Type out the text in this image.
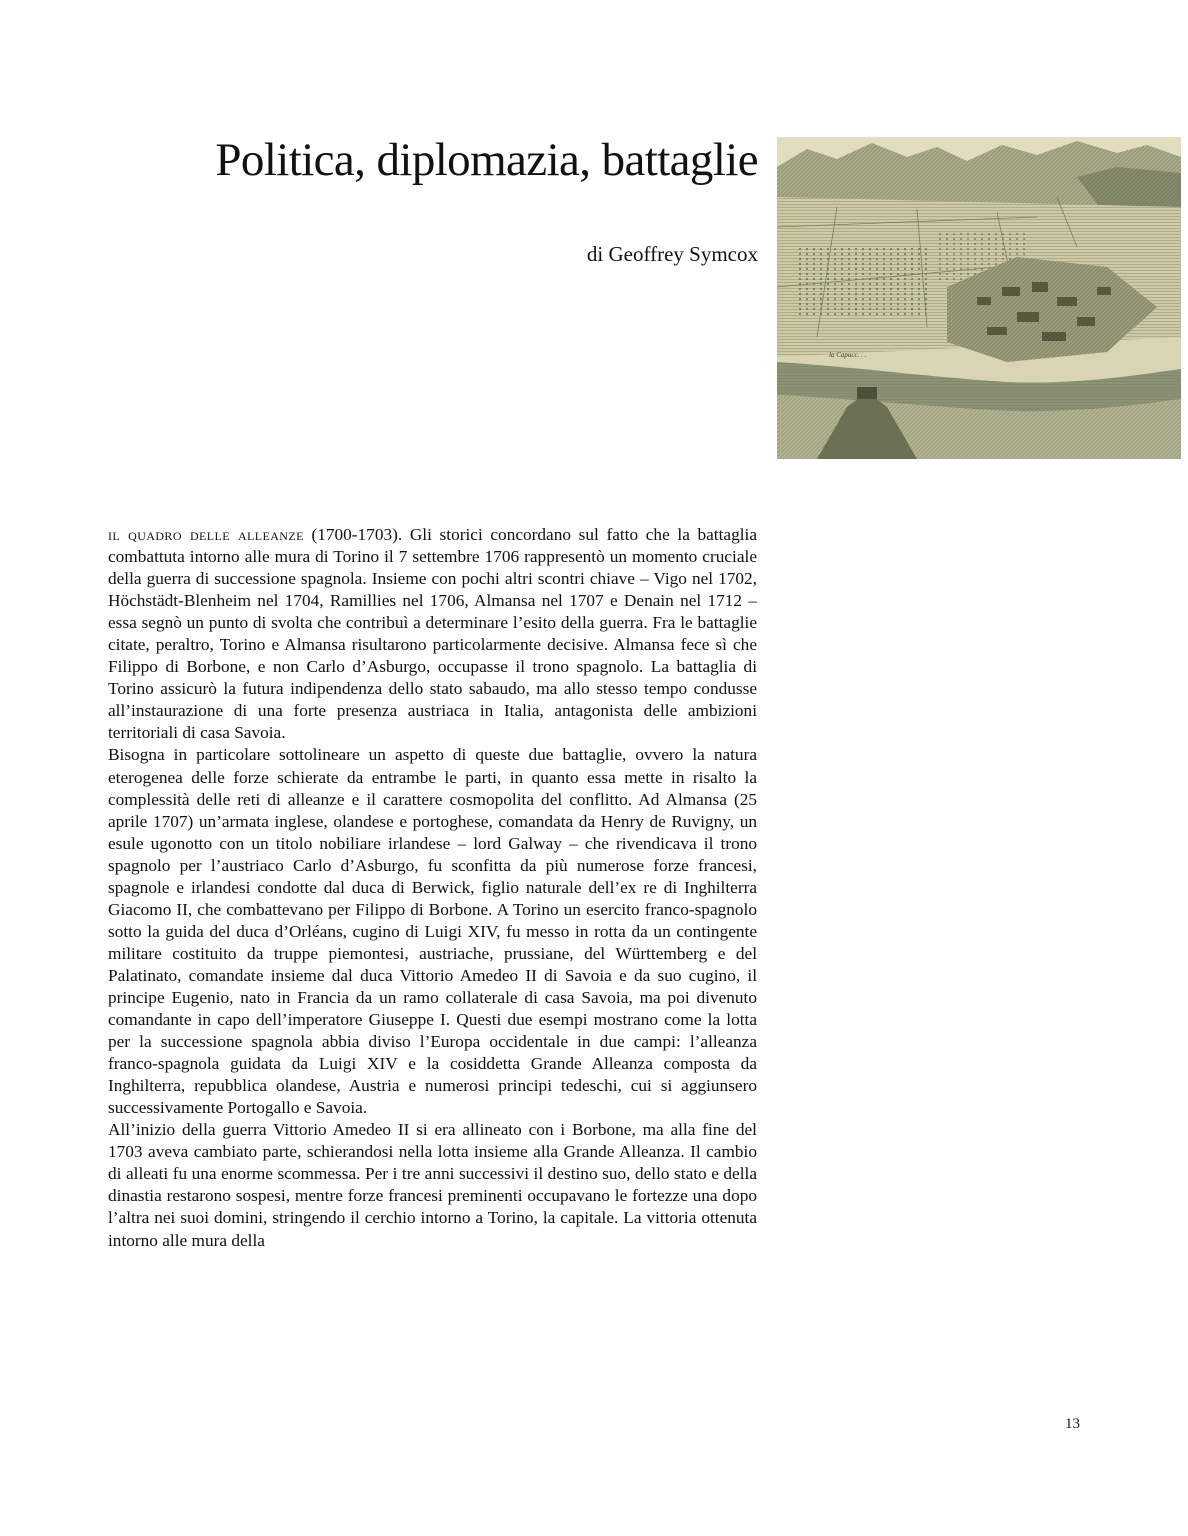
Politica, diplomazia, battaglie
di Geoffrey Symcox
la Capucc. . .

il quadro delle alleanze (1700-1703). Gli storici concordano sul fatto che la battaglia combattuta intorno alle mura di Torino il 7 settembre 1706 rappresentò un momento cruciale della guerra di successione spagnola. Insieme con pochi altri scontri chiave – Vigo nel 1702, Höchstädt-Blenheim nel 1704, Ramillies nel 1706, Almansa nel 1707 e Denain nel 1712 – essa segnò un punto di svolta che contribuì a determinare l’esito della guerra. Fra le battaglie citate, peraltro, Torino e Almansa risultarono particolarmente decisive. Almansa fece sì che Filippo di Borbone, e non Carlo d’Asburgo, occupasse il trono spagnolo. La battaglia di Torino assicurò la futura indipendenza dello stato sabaudo, ma allo stesso tempo condusse all’instaurazione di una forte presenza austriaca in Italia, antagonista delle ambizioni territoriali di casa Savoia.

Bisogna in particolare sottolineare un aspetto di queste due battaglie, ovvero la natura eterogenea delle forze schierate da entrambe le parti, in quanto essa mette in risalto la complessità delle reti di alleanze e il carattere cosmopolita del conflitto. Ad Almansa (25 aprile 1707) un’armata inglese, olandese e portoghese, comandata da Henry de Ruvigny, un esule ugonotto con un titolo nobiliare irlandese – lord Galway – che rivendicava il trono spagnolo per l’austriaco Carlo d’Asburgo, fu sconfitta da più numerose forze francesi, spagnole e irlandesi condotte dal duca di Berwick, figlio naturale dell’ex re di Inghilterra Giacomo II, che combattevano per Filippo di Borbone. A Torino un esercito franco-spagnolo sotto la guida del duca d’Orléans, cugino di Luigi XIV, fu messo in rotta da un contingente militare costituito da truppe piemontesi, austriache, prussiane, del Württemberg e del Palatinato, comandate insieme dal duca Vittorio Amedeo II di Savoia e da suo cugino, il principe Eugenio, nato in Francia da un ramo collaterale di casa Savoia, ma poi divenuto comandante in capo dell’imperatore Giuseppe I. Questi due esempi mostrano come la lotta per la successione spagnola abbia diviso l’Europa occidentale in due campi: l’alleanza franco-spagnola guidata da Luigi XIV e la cosiddetta Grande Alleanza composta da Inghilterra, repubblica olandese, Austria e numerosi principi tedeschi, cui si aggiunsero successivamente Portogallo e Savoia.

All’inizio della guerra Vittorio Amedeo II si era allineato con i Borbone, ma alla fine del 1703 aveva cambiato parte, schierandosi nella lotta insieme alla Grande Alleanza. Il cambio di alleati fu una enorme scommessa. Per i tre anni successivi il destino suo, dello stato e della dinastia restarono sospesi, mentre forze francesi preminenti occupavano le fortezze una dopo l’altra nei suoi domini, stringendo il cerchio intorno a Torino, la capitale. La vittoria ottenuta intorno alle mura della

13
